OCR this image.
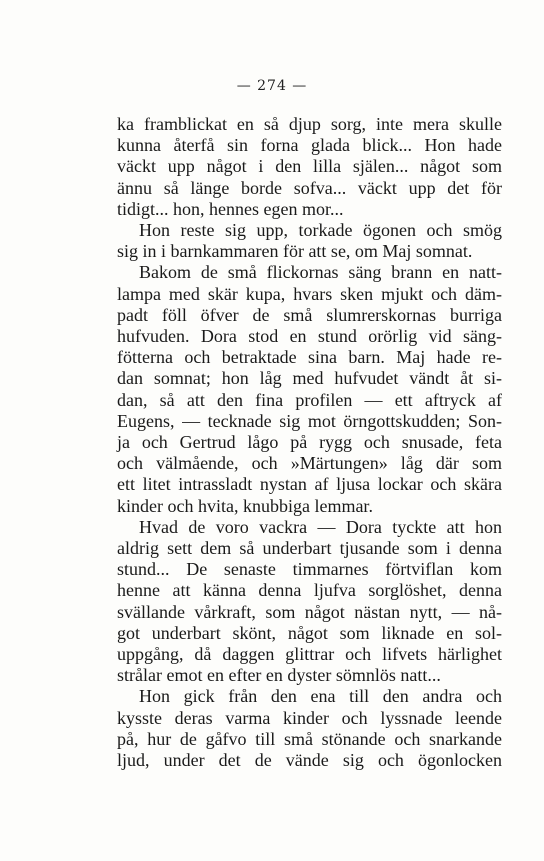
— 274 —
ka framblickat en så djup sorg, inte mera skulle
kunna återfå sin forna glada blick... Hon hade
väckt upp något i den lilla själen... något som
ännu så länge borde sofva... väckt upp det för
tidigt... hon, hennes egen mor...
Hon reste sig upp, torkade ögonen och smög
sig in i barnkammaren för att se, om Maj somnat.
Bakom de små flickornas säng brann en natt-
lampa med skär kupa, hvars sken mjukt och däm-
padt föll öfver de små slumrerskornas burriga
hufvuden. Dora stod en stund orörlig vid säng-
fötterna och betraktade sina barn. Maj hade re-
dan somnat; hon låg med hufvudet vändt åt si-
dan, så att den fina profilen — ett aftryck af
Eugens, — tecknade sig mot örngottskudden; Son-
ja och Gertrud lågo på rygg och snusade, feta
och välmående, och »Märtungen» låg där som
ett litet intrassladt nystan af ljusa lockar och skära
kinder och hvita, knubbiga lemmar.
Hvad de voro vackra — Dora tyckte att hon
aldrig sett dem så underbart tjusande som i denna
stund... De senaste timmarnes förtviflan kom
henne att känna denna ljufva sorglöshet, denna
svällande vårkraft, som något nästan nytt, — nå-
got underbart skönt, något som liknade en sol-
uppgång, då daggen glittrar och lifvets härlighet
strålar emot en efter en dyster sömnlös natt...
Hon gick från den ena till den andra och
kysste deras varma kinder och lyssnade leende
på, hur de gåfvo till små stönande och snarkande
ljud, under det de vände sig och ögonlocken
